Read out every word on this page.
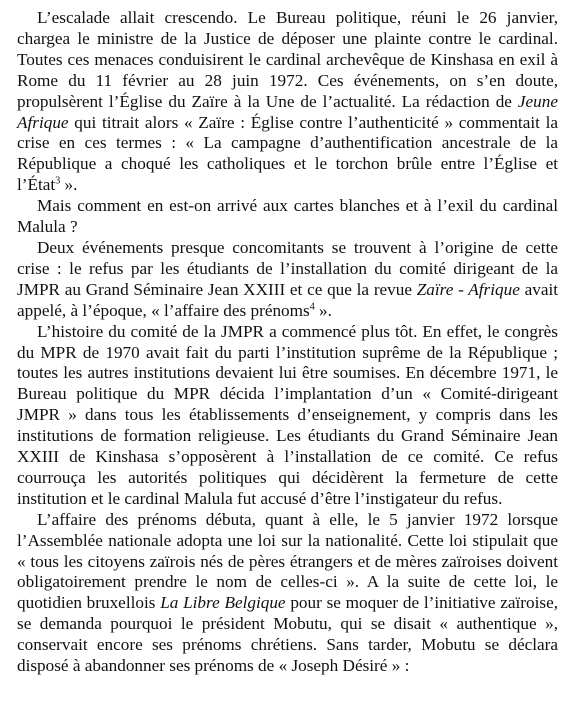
L’escalade allait crescendo. Le Bureau politique, réuni le 26 janvier, chargea le ministre de la Justice de déposer une plainte contre le cardinal. Toutes ces menaces conduisirent le cardinal archevêque de Kinshasa en exil à Rome du 11 février au 28 juin 1972. Ces événements, on s’en doute, propulsèrent l’Église du Zaïre à la Une de l’actualité. La rédaction de Jeune Afrique qui titrait alors « Zaïre : Église contre l’authenticité » commentait la crise en ces termes : « La campagne d’authentification ancestrale de la République a choqué les catholiques et le torchon brûle entre l’Église et l’État$^3$ ».

Mais comment en est-on arrivé aux cartes blanches et à l’exil du cardinal Malula ?

Deux événements presque concomitants se trouvent à l’origine de cette crise : le refus par les étudiants de l’installation du comité dirigeant de la JMPR au Grand Séminaire Jean XXIII et ce que la revue Zaïre - Afrique avait appelé, à l’époque, « l’affaire des prénoms$^4$ ».

L’histoire du comité de la JMPR a commencé plus tôt. En effet, le congrès du MPR de 1970 avait fait du parti l’institution suprême de la République ; toutes les autres institutions devaient lui être soumises. En décembre 1971, le Bureau politique du MPR décida l’implantation d’un « Comité-dirigeant JMPR » dans tous les établissements d’enseignement, y compris dans les institutions de formation religieuse. Les étudiants du Grand Séminaire Jean XXIII de Kinshasa s’opposèrent à l’installation de ce comité. Ce refus courrouça les autorités politiques qui décidèrent la fermeture de cette institution et le cardinal Malula fut accusé d’être l’instigateur du refus.

L’affaire des prénoms débuta, quant à elle, le 5 janvier 1972 lorsque l’Assemblée nationale adopta une loi sur la nationalité. Cette loi stipulait que « tous les citoyens zaïrois nés de pères étrangers et de mères zaïroises doivent obligatoirement prendre le nom de celles-ci ». A la suite de cette loi, le quotidien bruxellois La Libre Belgique pour se moquer de l’initiative zaïroise, se demanda pourquoi le président Mobutu, qui se disait « authentique », conservait encore ses prénoms chrétiens. Sans tarder, Mobutu se déclara disposé à abandonner ses prénoms de « Joseph Désiré » :
